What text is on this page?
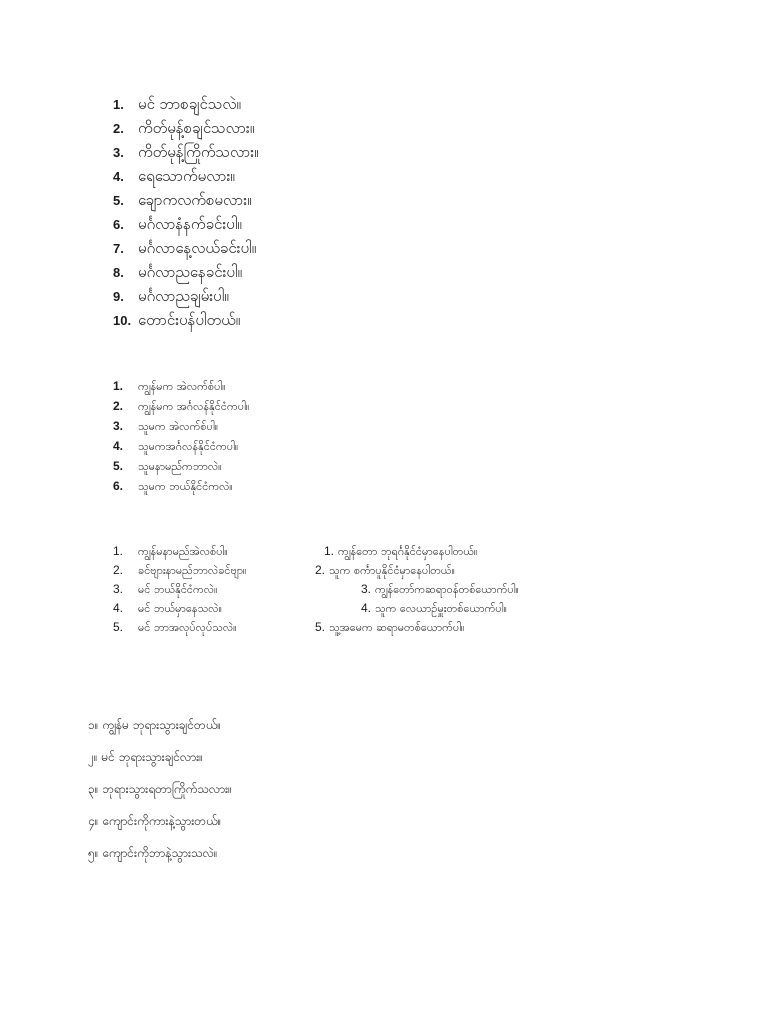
1. မင် ဘာစချင်သလဲ။
2. ကိတ်မုန့်စချင်သလား။
3. ကိတ်မုန့်ကြိုက်သလား။
4. ရေသောက်မလား။
5. ချောကလက်စမလား။
6. မင်္ဂလာနံနက်ခင်းပါ။
7. မင်္ဂလာနေ့လယ်ခင်းပါ။
8. မင်္ဂလာညနေခင်းပါ။
9. မင်္ဂလာညချမ်းပါ။
10. တောင်းပန်ပါတယ်။
1. ကျွန်မက အဲလက်စ်ပါ။
2. ကျွန်မက အင်္ဂလန်နိုင်ငံကပါ။
3. သူမက အဲလက်စ်ပါ။
4. သူမကအင်္ဂလန်နိုင်ငံကပါ။
5. သူမနာမည်ကဘာလဲ။
6. သူမက ဘယ်နိုင်ငံကလဲ။
1. ကျွန်မနာမည်အဲလစ်ပါ။
2. ခင်ဗျားနာမည်ဘာလဲခင်ဗျာ။
3. မင် ဘယ်နိုင်ငံကလဲ။
4. မင် ဘယ်မှာနေသလဲ။
5. မင် ဘာအလုပ်လုပ်သလဲ။
1. ကျွန်တော ဘုရင်္ဂနိုင်ငံမှာနေပါတယ်။
2. သူက စင်္ကာပူနိုင်ငံမှာနေပါတယ်။
3. ကျွန်တော်ကဆရာဝန်တစ်ယောက်ပါ။
4. သူက လေယာဉ်မှူးတစ်ယောက်ပါ။
5. သူ့အမေက ဆရာမတစ်ယောက်ပါ။
၁။ ကျွန်မ ဘုရားသွားချင်တယ်။
၂။ မင် ဘုရားသွားချင်လား။
၃။ ဘုရားသွားရတာကြိုက်သလား။
၄။ ကျောင်းကိုကားနဲ့သွားတယ်။
၅။ ကျောင်းကိုဘာနဲ့သွားသလဲ။
